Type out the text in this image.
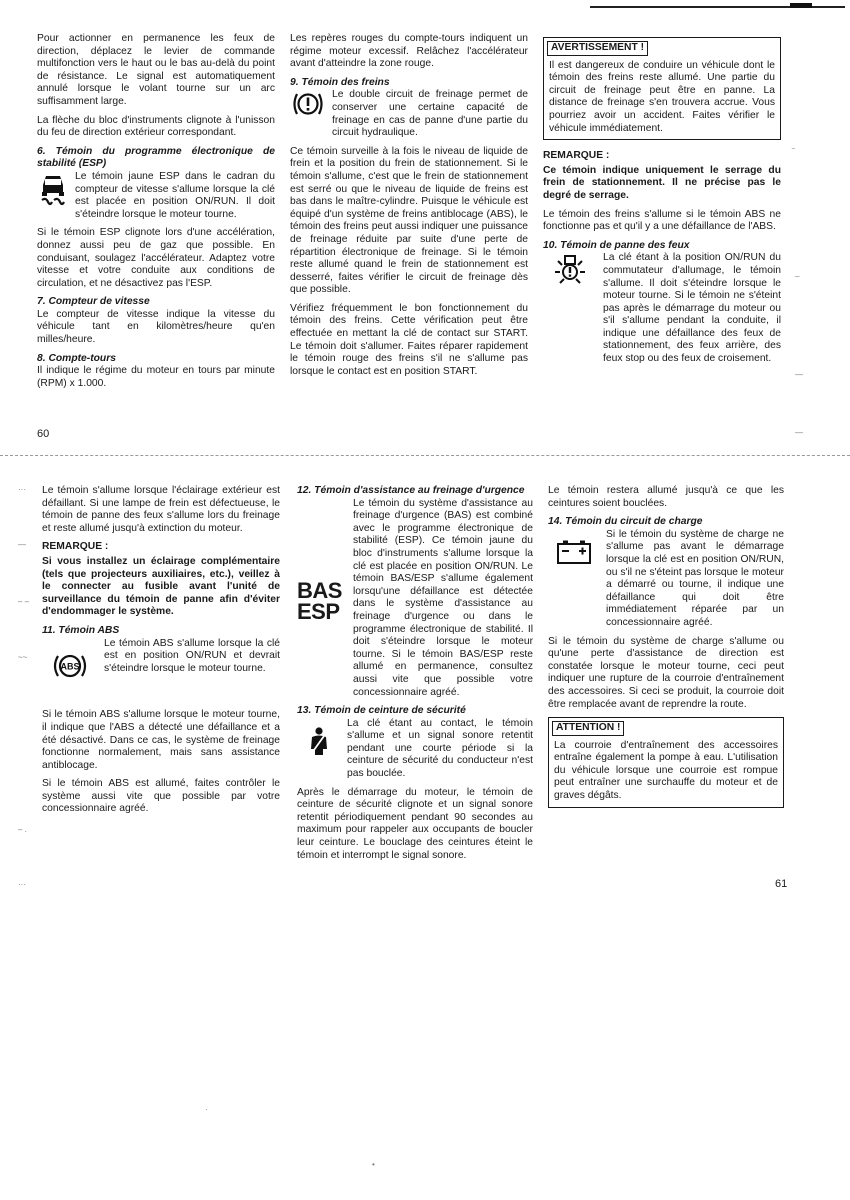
Pour actionner en permanence les feux de direction, déplacez le levier de commande multifonction vers le haut ou le bas au-delà du point de résistance. Le signal est automatiquement annulé lorsque le volant tourne sur un arc suffisamment large.

La flèche du bloc d'instruments clignote à l'unisson du feu de direction extérieur correspondant.

6. Témoin du programme électronique de stabilité (ESP)

Le témoin jaune ESP dans le cadran du compteur de vitesse s'allume lorsque la clé est placée en position ON/RUN. Il doit s'éteindre lorsque le moteur tourne.

Si le témoin ESP clignote lors d'une accélération, donnez aussi peu de gaz que possible. En conduisant, soulagez l'accélérateur. Adaptez votre vitesse et votre conduite aux conditions de circulation, et ne désactivez pas l'ESP.

7. Compteur de vitesse

Le compteur de vitesse indique la vitesse du véhicule tant en kilomètres/heure qu'en milles/heure.

8. Compte-tours

Il indique le régime du moteur en tours par minute (RPM) x 1.000.

Les repères rouges du compte-tours indiquent un régime moteur excessif. Relâchez l'accélérateur avant d'atteindre la zone rouge.

9. Témoin des freins

Le double circuit de freinage permet de conserver une certaine capacité de freinage en cas de panne d'une partie du circuit hydraulique.

Ce témoin surveille à la fois le niveau de liquide de frein et la position du frein de stationnement. Si le témoin s'allume, c'est que le frein de stationnement est serré ou que le niveau de liquide de freins est bas dans le maître-cylindre. Puisque le véhicule est équipé d'un système de freins antiblocage (ABS), le témoin des freins peut aussi indiquer une puissance de freinage réduite par suite d'une perte de répartition électronique de freinage. Si le témoin reste allumé quand le frein de stationnement est desserré, faites vérifier le circuit de freinage dès que possible.

Vérifiez fréquemment le bon fonctionnement du témoin des freins. Cette vérification peut être effectuée en mettant la clé de contact sur START. Le témoin doit s'allumer. Faites réparer rapidement le témoin rouge des freins s'il ne s'allume pas lorsque le contact est en position START.

AVERTISSEMENT !
Il est dangereux de conduire un véhicule dont le témoin des freins reste allumé. Une partie du circuit de freinage peut être en panne. La distance de freinage s'en trouvera accrue. Vous pourriez avoir un accident. Faites vérifier le véhicule immédiatement.
REMARQUE :

Ce témoin indique uniquement le serrage du frein de stationnement. Il ne précise pas le degré de serrage.

Le témoin des freins s'allume si le témoin ABS ne fonctionne pas et qu'il y a une défaillance de l'ABS.

10. Témoin de panne des feux

La clé étant à la position ON/RUN du commutateur d'allumage, le témoin s'allume. Il doit s'éteindre lorsque le moteur tourne. Si le témoin ne s'éteint pas après le démarrage du moteur ou s'il s'allume pendant la conduite, il indique une défaillance des feux de stationnement, des feux arrière, des feux stop ou des feux de croisement.

60

Le témoin s'allume lorsque l'éclairage extérieur est défaillant. Si une lampe de frein est défectueuse, le témoin de panne des feux s'allume lors du freinage et reste allumé jusqu'à extinction du moteur.

REMARQUE :

Si vous installez un éclairage complémentaire (tels que projecteurs auxiliaires, etc.), veillez à le connecter au fusible avant l'unité de surveillance du témoin de panne afin d'éviter d'endommager le système.

11. Témoin ABS
ABS

Le témoin ABS s'allume lorsque la clé est en position ON/RUN et devrait s'éteindre lorsque le moteur tourne.

Si le témoin ABS s'allume lorsque le moteur tourne, il indique que l'ABS a détecté une défaillance et a été désactivé. Dans ce cas, le système de freinage fonctionne normalement, mais sans assistance antiblocage.

Si le témoin ABS est allumé, faites contrôler le système aussi vite que possible par votre concessionnaire agréé.

12. Témoin d'assistance au freinage d'urgence
BAS
ESP

Le témoin du système d'assistance au freinage d'urgence (BAS) est combiné avec le programme électronique de stabilité (ESP). Ce témoin jaune du bloc d'instruments s'allume lorsque la clé est placée en position ON/RUN. Le témoin BAS/ESP s'allume également lorsqu'une défaillance est détectée dans le système d'assistance au freinage d'urgence ou dans le programme électronique de stabilité. Il doit s'éteindre lorsque le moteur tourne. Si le témoin BAS/ESP reste allumé en permanence, consultez aussi vite que possible votre concessionnaire agréé.

13. Témoin de ceinture de sécurité

La clé étant au contact, le témoin s'allume et un signal sonore retentit pendant une courte période si la ceinture de sécurité du conducteur n'est pas bouclée.

Après le démarrage du moteur, le témoin de ceinture de sécurité clignote et un signal sonore retentit périodiquement pendant 90 secondes au maximum pour rappeler aux occupants de boucler leur ceinture. Le bouclage des ceintures éteint le témoin et interrompt le signal sonore.

Le témoin restera allumé jusqu'à ce que les ceintures soient bouclées.

14. Témoin du circuit de charge

Si le témoin du système de charge ne s'allume pas avant le démarrage lorsque la clé est en position ON/RUN, ou s'il ne s'éteint pas lorsque le moteur a démarré ou tourne, il indique une défaillance qui doit être immédiatement réparée par un concessionnaire agréé.

Si le témoin du système de charge s'allume ou qu'une perte d'assistance de direction est constatée lorsque le moteur tourne, ceci peut indiquer une rupture de la courroie d'entraînement des accessoires. Si ceci se produit, la courroie doit être remplacée avant de reprendre la route.

ATTENTION !
La courroie d'entraînement des accessoires entraîne également la pompe à eau. L'utilisation du véhicule lorsque une courroie est rompue peut entraîner une surchauffe du moteur et de graves dégâts.
61
‾
_
—
—
···
—
– –
~~
– .
···
•
·
